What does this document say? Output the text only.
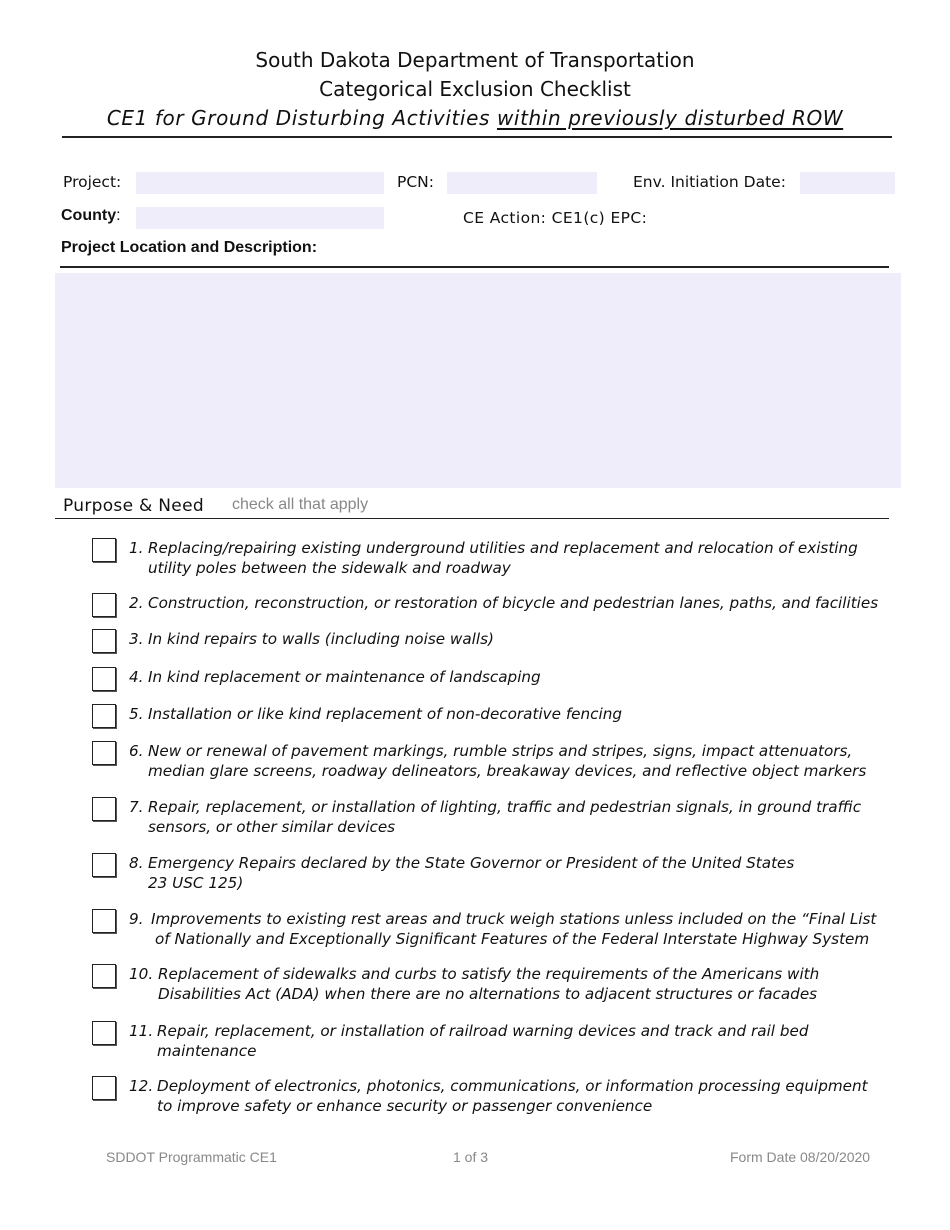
South Dakota Department of Transportation
Categorical Exclusion Checklist
CE1 for Ground Disturbing Activities within previously disturbed ROW
Project:	PCN:	Env. Initiation Date:
County:	CE Action: CE1(c) EPC:
Project Location and Description:
Purpose & Need check all that apply
1. Replacing/repairing existing underground utilities and replacement and relocation of existing
utility poles between the sidewalk and roadway
2. Construction, reconstruction, or restoration of bicycle and pedestrian lanes, paths, and facilities
3. In kind repairs to walls (including noise walls)
4. In kind replacement or maintenance of landscaping
5. Installation or like kind replacement of non-decorative fencing
6. New or renewal of pavement markings, rumble strips and stripes, signs, impact attenuators,
median glare screens, roadway delineators, breakaway devices, and reflective object markers
7. Repair, replacement, or installation of lighting, traffic and pedestrian signals, in ground traffic
sensors, or other similar devices
8. Emergency Repairs declared by the State Governor or President of the United States
23 USC 125)
9. Improvements to existing rest areas and truck weigh stations unless included on the “Final List
of Nationally and Exceptionally Significant Features of the Federal Interstate Highway System
10. Replacement of sidewalks and curbs to satisfy the requirements of the Americans with
Disabilities Act (ADA) when there are no alternations to adjacent structures or facades
11. Repair, replacement, or installation of railroad warning devices and track and rail bed
maintenance
12. Deployment of electronics, photonics, communications, or information processing equipment
to improve safety or enhance security or passenger convenience
SDDOT Programmatic CE1	1 of 3	Form Date 08/20/2020
